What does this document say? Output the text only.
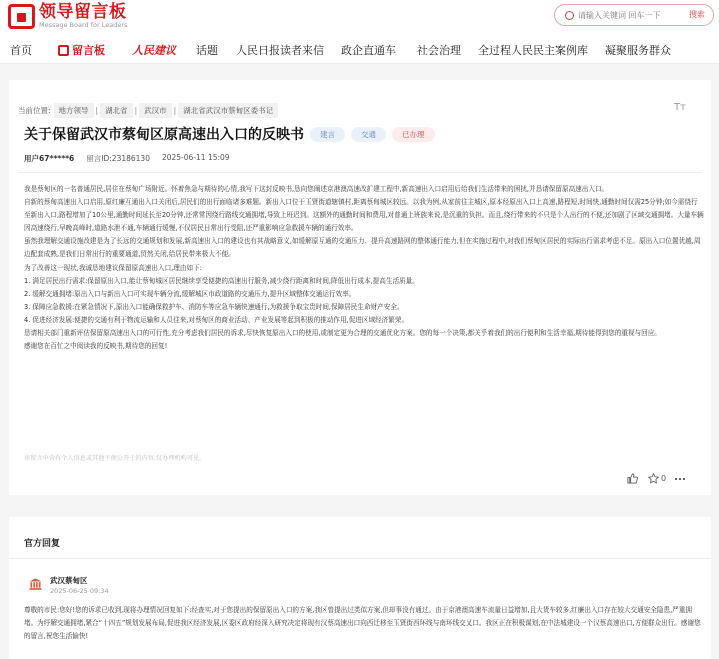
领导留言板
Message Board for Leaders
请输入关键词 回车一下
搜索
首页	留言板 人民建议 话题 人民日报读者来信 政企直通车 社会治理 全过程人民民主案例库 凝聚服务群众
当前位置:	地方领导 | 湖北省 | 武汉市 | 湖北省武汉市蔡甸区委书记	Tт
关于保留武汉市蔡甸区原高速出入口的反映书	建言	交通	已办理
用户67*****6 留言ID:23186130 2025-06-11 15:09

我是蔡甸区的一名普通居民,居住在蔡甸广场附近。怀着焦急与期待的心情,我写下这封反映书,恳向您阐述京港澳高速改扩建工程中,新高速出入口启用后给我们生活带来的困扰,并恳请保留原高速出入口。

自新的蔡甸高速出入口启用,原红廉互通出入口关闭后,居民们的出行面临诸多难题。新出入口位于玉贤街道辖镇村,距离蔡甸城区较远。以我为例,从家前往主城区,原本经原出入口上高速,路程短,时间快,通勤时间仅需25分钟;如今需绕行至新出入口,路程增加了10公里,通勤时间延长至20分钟,还常常因绕行路线交通拥堵,导致上班迟到。这额外的通勤时间和费用,对普通上班族来说,是沉重的负担。而且,绕行带来的不只是个人出行的不便,还加剧了区域交通拥堵。大量车辆因高速绕行,早晚高峰时,道路水泄不通,车辆通行缓慢,不仅居民日常出行受阻,还严重影响应急救援车辆的通行效率。

虽然我理解交通设施改建是为了长远的交通规划和发展,新高速出入口的建设也有其战略意义,如缓解原互通的交通压力、提升高速路网的整体通行能力,但在实施过程中,对我们蔡甸区居民的实际出行需求考虑不足。原出入口位置优越,周边配套成熟,是我们日常出行的重要通道,贸然关闭,给居民带来极大不便。

为了改善这一现状,我诚恳地建议保留原高速出入口,理由如下:

1. 满足居民出行需求:保留原出入口,能让蔡甸城区居民继续享受便捷的高速出行服务,减少绕行距离和时间,降低出行成本,提高生活质量。

2. 缓解交通拥堵:原出入口与新出入口可实现车辆分流,缓解城区市政道路的交通压力,提升区域整体交通运行效率。

3. 保障应急救援:在紧急情况下,原出入口能确保救护车、消防车等应急车辆快速通行,为救援争取宝贵时间,保障居民生命财产安全。

4. 促进经济发展:便捷的交通有利于物流运输和人员往来,对蔡甸区的商业活动、产业发展等起到积极的推动作用,促进区域经济繁荣。

恳请相关部门重新评估保留原高速出入口的可行性,充分考虑我们居民的诉求,尽快恢复原出入口的使用,或制定更为合理的交通优化方案。您的每一个决策,都关乎着我们的出行便利和生活幸福,期待能得到您的重视与回应。

感谢您在百忙之中阅读我的反映书,期待您的回复!

该留言中含有个人信息或其他不便公开于的内容,仅办理机构可见。
0
官方回复
武汉蔡甸区
2025-06-25 09:34
尊敬的市民:您好!您的诉求已收到,现将办理情况回复如下:经查实,对于您提出的保留原出入口的方案,我区曾提出过类似方案,但却事没有通过。由于京港澳高速车流量日益增加,且大货车较多,红廉出入口存在较大交通安全隐患,严重拥堵。为纾解交通拥堵,紧合“十四五”规划发展布局,促进我区经济发展,区委区政府经深入研究决定将现有汉蔡高速出口向西迁移至玉贤街西环线与南环线交叉口。我区正在积极谋划,在中法城建设一个汉蔡高速出口,方便群众出行。感谢您的留言,祝您生活愉快!
